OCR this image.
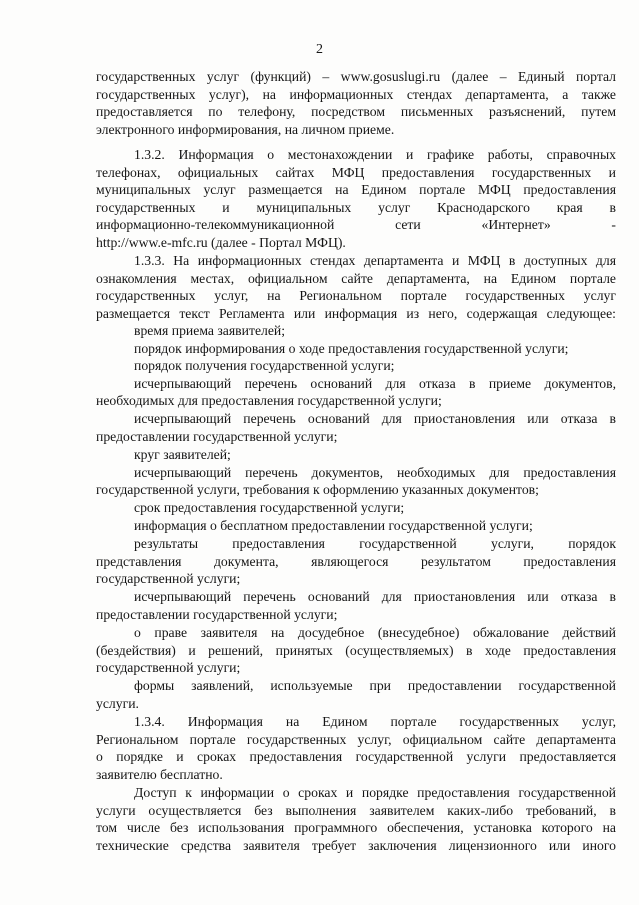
2
государственных услуг (функций) – www.gosuslugi.ru (далее – Единый портал
государственных услуг), на информационных стендах департамента, а также
предоставляется по телефону, посредством письменных разъяснений, путем
электронного информирования, на личном приеме.
1.3.2. Информация о местонахождении и графике работы, справочных
телефонах, официальных сайтах МФЦ предоставления государственных и
муниципальных услуг размещается на Едином портале МФЦ предоставления
государственных и муниципальных услуг Краснодарского края в
информационно-телекоммуникационной сети «Интернет» -
http://www.e-mfc.ru (далее - Портал МФЦ).
1.3.3. На информационных стендах департамента и МФЦ в доступных для
ознакомления местах, официальном сайте департамента, на Едином портале
государственных услуг, на Региональном портале государственных услуг
размещается текст Регламента или информация из него, содержащая следующее:
время приема заявителей;
порядок информирования о ходе предоставления государственной услуги;
порядок получения государственной услуги;
исчерпывающий перечень оснований для отказа в приеме документов,
необходимых для предоставления государственной услуги;
исчерпывающий перечень оснований для приостановления или отказа в
предоставлении государственной услуги;
круг заявителей;
исчерпывающий перечень документов, необходимых для предоставления
государственной услуги, требования к оформлению указанных документов;
срок предоставления государственной услуги;
информация о бесплатном предоставлении государственной услуги;
результаты предоставления государственной услуги, порядок
представления документа, являющегося результатом предоставления
государственной услуги;
исчерпывающий перечень оснований для приостановления или отказа в
предоставлении государственной услуги;
о праве заявителя на досудебное (внесудебное) обжалование действий
(бездействия) и решений, принятых (осуществляемых) в ходе предоставления
государственной услуги;
формы заявлений, используемые при предоставлении государственной
услуги.
1.3.4. Информация на Едином портале государственных услуг,
Региональном портале государственных услуг, официальном сайте департамента
о порядке и сроках предоставления государственной услуги предоставляется
заявителю бесплатно.
Доступ к информации о сроках и порядке предоставления государственной
услуги осуществляется без выполнения заявителем каких-либо требований, в
том числе без использования программного обеспечения, установка которого на
технические средства заявителя требует заключения лицензионного или иного
